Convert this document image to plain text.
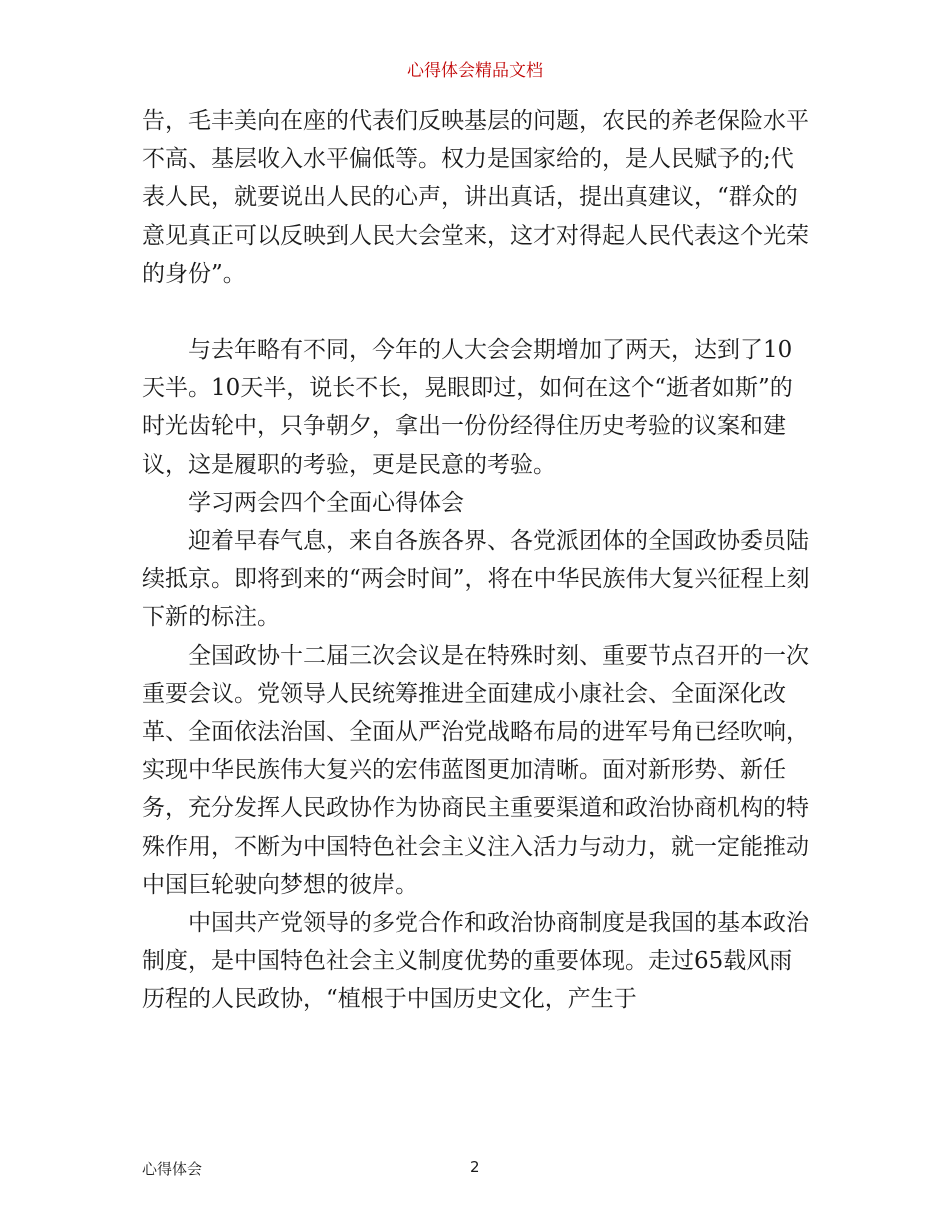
心得体会精品文档

告，毛丰美向在座的代表们反映基层的问题，农民的养老保险水平不高、基层收入水平偏低等。权力是国家给的，是人民赋予的;代表人民，就要说出人民的心声，讲出真话，提出真建议，“群众的意见真正可以反映到人民大会堂来，这才对得起人民代表这个光荣的身份”。

与去年略有不同，今年的人大会会期增加了两天，达到了10天半。10天半，说长不长，晃眼即过，如何在这个“逝者如斯”的时光齿轮中，只争朝夕，拿出一份份经得住历史考验的议案和建议，这是履职的考验，更是民意的考验。

学习两会四个全面心得体会

迎着早春气息，来自各族各界、各党派团体的全国政协委员陆续抵京。即将到来的“两会时间”，将在中华民族伟大复兴征程上刻下新的标注。

全国政协十二届三次会议是在特殊时刻、重要节点召开的一次重要会议。党领导人民统筹推进全面建成小康社会、全面深化改革、全面依法治国、全面从严治党战略布局的进军号角已经吹响，实现中华民族伟大复兴的宏伟蓝图更加清晰。面对新形势、新任务，充分发挥人民政协作为协商民主重要渠道和政治协商机构的特殊作用，不断为中国特色社会主义注入活力与动力，就一定能推动中国巨轮驶向梦想的彼岸。

中国共产党领导的多党合作和政治协商制度是我国的基本政治制度，是中国特色社会主义制度优势的重要体现。走过65载风雨历程的人民政协，“植根于中国历史文化，产生于

心得体会	2
